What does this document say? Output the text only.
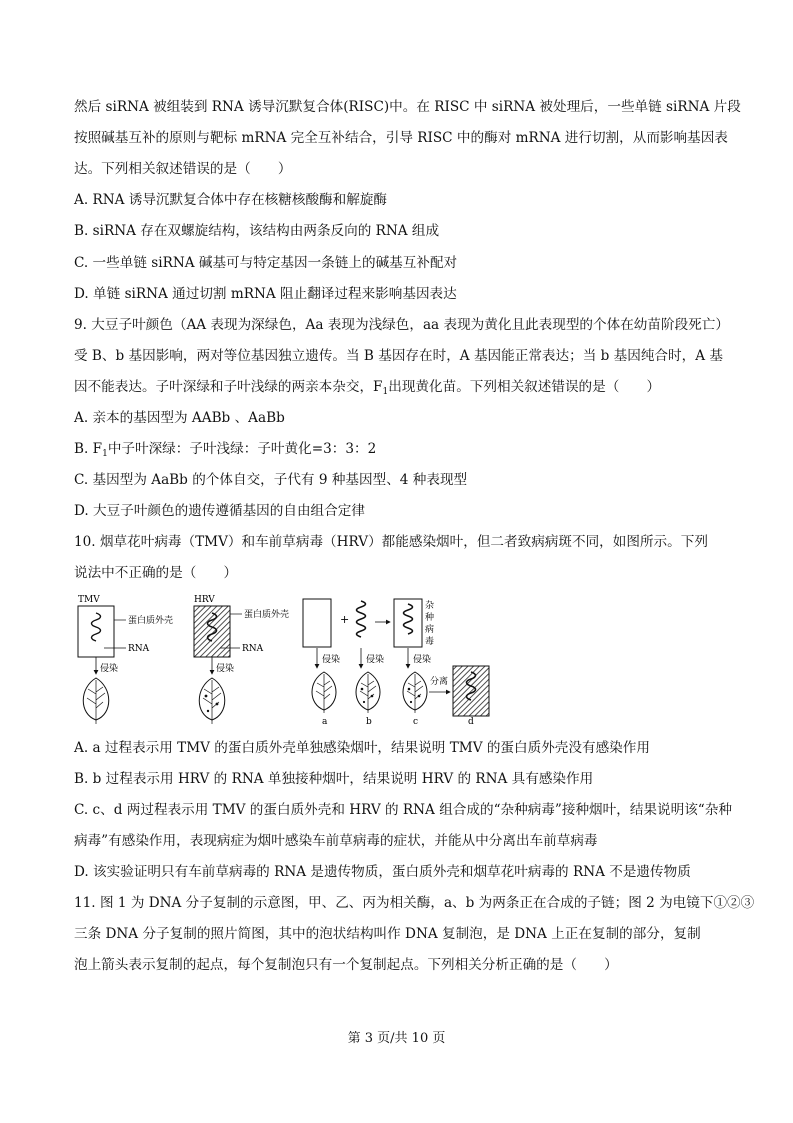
然后 siRNA 被组装到 RNA 诱导沉默复合体(RISC)中。在 RISC 中 siRNA 被处理后，一些单链 siRNA 片段
按照碱基互补的原则与靶标 mRNA 完全互补结合，引导 RISC 中的酶对 mRNA 进行切割，从而影响基因表
达。下列相关叙述错误的是（　　）
A. RNA 诱导沉默复合体中存在核糖核酸酶和解旋酶
B. siRNA 存在双螺旋结构，该结构由两条反向的 RNA 组成
C. 一些单链 siRNA 碱基可与特定基因一条链上的碱基互补配对
D. 单链 siRNA 通过切割 mRNA 阻止翻译过程来影响基因表达
9. 大豆子叶颜色（AA 表现为深绿色，Aa 表现为浅绿色，aa 表现为黄化且此表现型的个体在幼苗阶段死亡）
受 B、b 基因影响，两对等位基因独立遗传。当 B 基因存在时，A 基因能正常表达；当 b 基因纯合时，A 基
因不能表达。子叶深绿和子叶浅绿的两亲本杂交，$F_1$出现黄化苗。下列相关叙述错误的是（　　）
A. 亲本的基因型为 AABb 、AaBb
B. $F_1$中子叶深绿：子叶浅绿：子叶黄化=3：3：2
C. 基因型为 AaBb 的个体自交，子代有 9 种基因型、4 种表现型
D. 大豆子叶颜色的遗传遵循基因的自由组合定律
10. 烟草花叶病毒（TMV）和车前草病毒（HRV）都能感染烟叶，但二者致病病斑不同，如图所示。下列
说法中不正确的是（　　）
TMV
蛋白质外壳
RNA
侵染
HRV
蛋白质外壳
RNA
侵染
+
杂
种
病
毒
侵染	侵染	侵染
分离
a	b	c	d
A. a 过程表示用 TMV 的蛋白质外壳单独感染烟叶，结果说明 TMV 的蛋白质外壳没有感染作用
B. b 过程表示用 HRV 的 RNA 单独接种烟叶，结果说明 HRV 的 RNA 具有感染作用
C. c、d 两过程表示用 TMV 的蛋白质外壳和 HRV 的 RNA 组合成的“杂种病毒”接种烟叶，结果说明该“杂种
病毒”有感染作用，表现病症为烟叶感染车前草病毒的症状，并能从中分离出车前草病毒
D. 该实验证明只有车前草病毒的 RNA 是遗传物质，蛋白质外壳和烟草花叶病毒的 RNA 不是遗传物质
11. 图 1 为 DNA 分子复制的示意图，甲、乙、丙为相关酶，a、b 为两条正在合成的子链；图 2 为电镜下①②③
三条 DNA 分子复制的照片简图，其中的泡状结构叫作 DNA 复制泡，是 DNA 上正在复制的部分，复制
泡上箭头表示复制的起点，每个复制泡只有一个复制起点。下列相关分析正确的是（　　）
第 3 页/共 10 页
